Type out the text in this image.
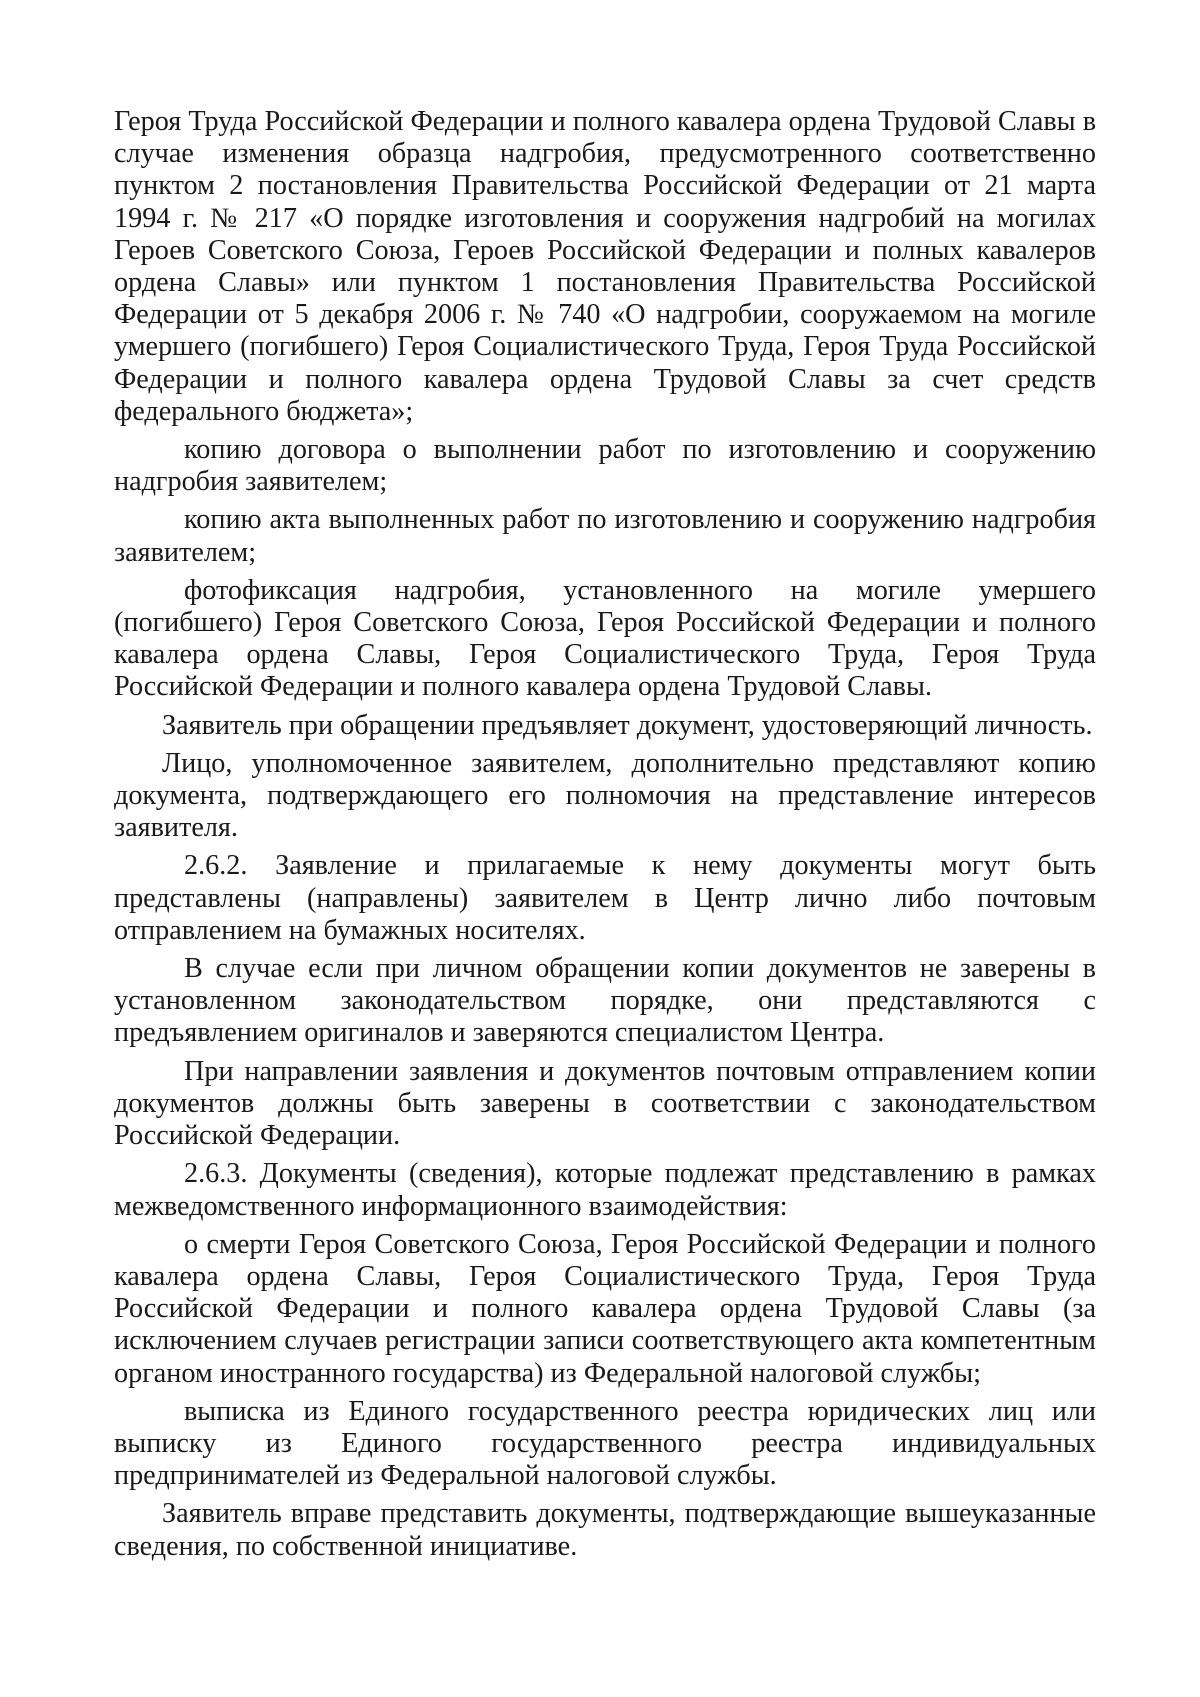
Героя Труда Российской Федерации и полного кавалера ордена Трудовой Славы в случае изменения образца надгробия, предусмотренного соответственно пунктом 2 постановления Правительства Российской Федерации от 21 марта 1994 г. № 217 «О порядке изготовления и сооружения надгробий на могилах Героев Советского Союза, Героев Российской Федерации и полных кавалеров ордена Славы» или пунктом 1 постановления Правительства Российской Федерации от 5 декабря 2006 г. № 740 «О надгробии, сооружаемом на могиле умершего (погибшего) Героя Социалистического Труда, Героя Труда Российской Федерации и полного кавалера ордена Трудовой Славы за счет средств федерального бюджета»;

копию договора о выполнении работ по изготовлению и сооружению надгробия заявителем;

копию акта выполненных работ по изготовлению и сооружению надгробия заявителем;

фотофиксация надгробия, установленного на могиле умершего (погибшего) Героя Советского Союза, Героя Российской Федерации и полного кавалера ордена Славы, Героя Социалистического Труда, Героя Труда Российской Федерации и полного кавалера ордена Трудовой Славы.

Заявитель при обращении предъявляет документ, удостоверяющий личность.

Лицо, уполномоченное заявителем, дополнительно представляют копию документа, подтверждающего его полномочия на представление интересов заявителя.

2.6.2. Заявление и прилагаемые к нему документы могут быть представлены (направлены) заявителем в Центр лично либо почтовым отправлением на бумажных носителях.

В случае если при личном обращении копии документов не заверены в установленном законодательством порядке, они представляются с предъявлением оригиналов и заверяются специалистом Центра.

При направлении заявления и документов почтовым отправлением копии документов должны быть заверены в соответствии с законодательством Российской Федерации.

2.6.3. Документы (сведения), которые подлежат представлению в рамках межведомственного информационного взаимодействия:

о смерти Героя Советского Союза, Героя Российской Федерации и полного кавалера ордена Славы, Героя Социалистического Труда, Героя Труда Российской Федерации и полного кавалера ордена Трудовой Славы (за исключением случаев регистрации записи соответствующего акта компетентным органом иностранного государства) из Федеральной налоговой службы;

выписка из Единого государственного реестра юридических лиц или выписку из Единого государственного реестра индивидуальных предпринимателей из Федеральной налоговой службы.

Заявитель вправе представить документы, подтверждающие вышеуказанные сведения, по собственной инициативе.
